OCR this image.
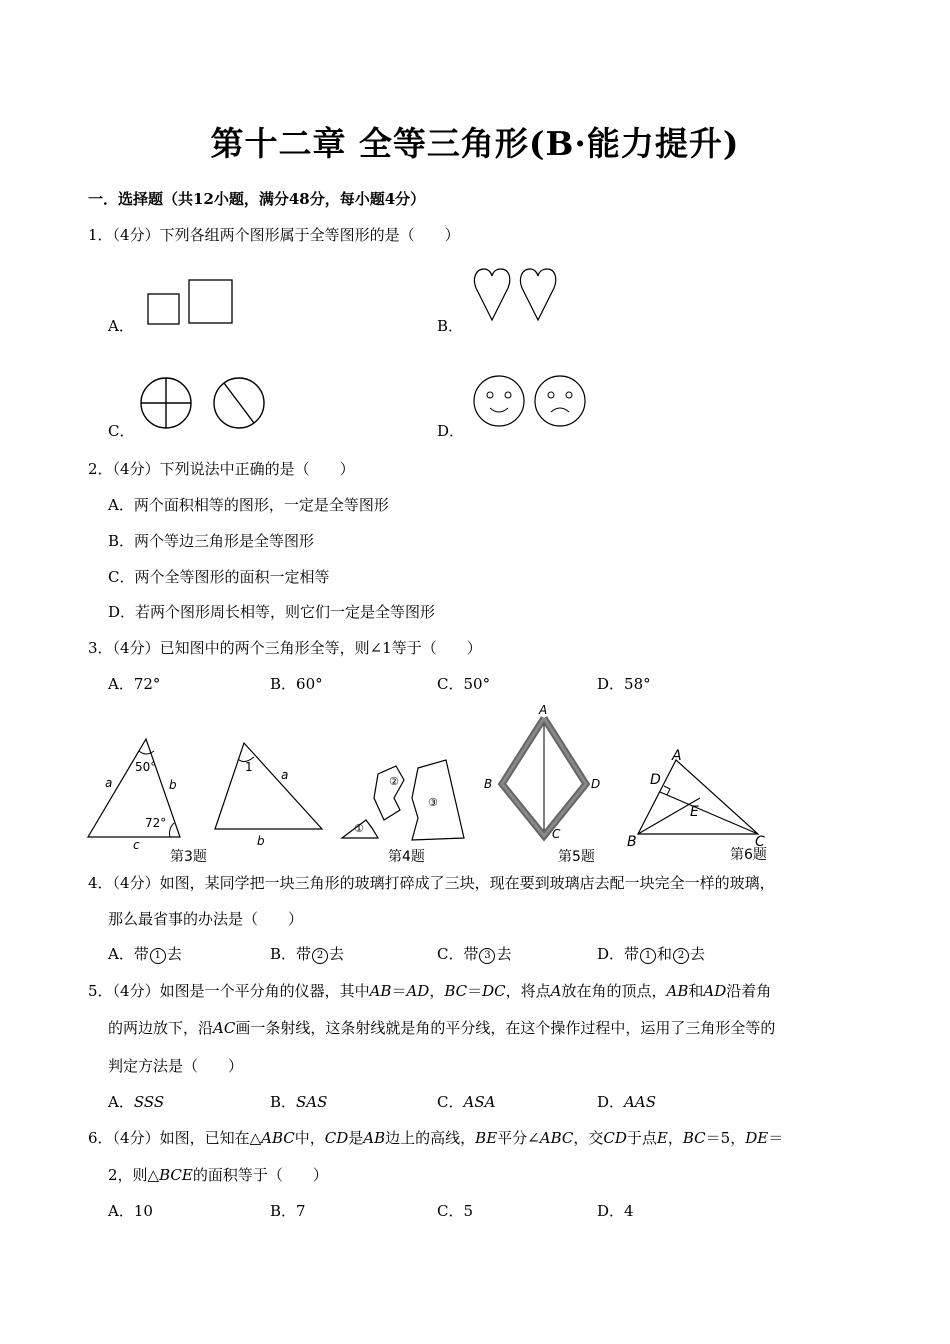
第十二章 全等三角形(B·能力提升)
一．选择题（共12小题，满分48分，每小题4分）
1．（4分）下列各组两个图形属于全等图形的是（　　）
A．	B．
C．	D．
2．（4分）下列说法中正确的是（　　）
A．两个面积相等的图形，一定是全等图形
B．两个等边三角形是全等图形
C．两个全等图形的面积一定相等
D．若两个图形周长相等，则它们一定是全等图形
3．（4分）已知图中的两个三角形全等，则∠1等于（　　）
A．72°	B．60°	C．50°	D．58°
50°
72°
a	b
c
1
a
b
第3题
①
②
③
第4题
A
B
C
D
第5题
A
D
E
B	C
第6题
4．（4分）如图，某同学把一块三角形的玻璃打碎成了三块，现在要到玻璃店去配一块完全一样的玻璃，
那么最省事的办法是（　　）
A．带 1 去	B．带 2 去	C．带 3 去	D．带 1 和 2 去
5．（4分）如图是一个平分角的仪器，其中AB＝AD，BC＝DC，将点A放在角的顶点，AB和AD沿着角
的两边放下，沿AC画一条射线，这条射线就是角的平分线，在这个操作过程中，运用了三角形全等的
判定方法是（　　）
A．SSS	B．SAS	C．ASA	D．AAS
6．（4分）如图，已知在△ABC中，CD是AB边上的高线，BE平分∠ABC，交CD于点E，BC＝5，DE＝
2，则△BCE的面积等于（　　）
A．10	B．7	C．5	D．4
